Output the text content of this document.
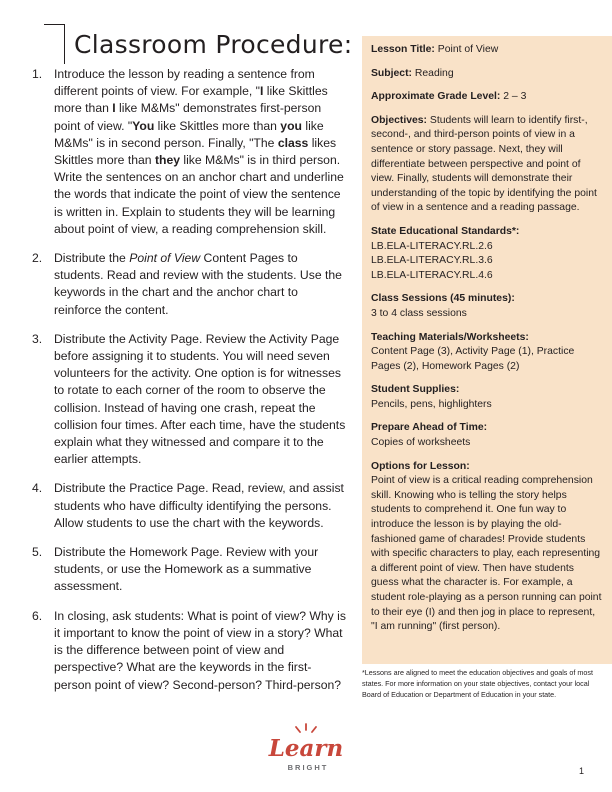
Classroom Procedure:
1. Introduce the lesson by reading a sentence from different points of view. For example, "I like Skittles more than I like M&Ms" demonstrates first-person point of view. "You like Skittles more than you like M&Ms" is in second person. Finally, "The class likes Skittles more than they like M&Ms" is in third person. Write the sentences on an anchor chart and underline the words that indicate the point of view the sentence is written in. Explain to students they will be learning about point of view, a reading comprehension skill.
2. Distribute the Point of View Content Pages to students. Read and review with the students. Use the keywords in the chart and the anchor chart to reinforce the content.
3. Distribute the Activity Page. Review the Activity Page before assigning it to students. You will need seven volunteers for the activity. One option is for witnesses to rotate to each corner of the room to observe the collision. Instead of having one crash, repeat the collision four times. After each time, have the students explain what they witnessed and compare it to the earlier attempts.
4. Distribute the Practice Page. Read, review, and assist students who have difficulty identifying the persons. Allow students to use the chart with the keywords.
5. Distribute the Homework Page. Review with your students, or use the Homework as a summative assessment.
6. In closing, ask students: What is point of view? Why is it important to know the point of view in a story? What is the difference between point of view and perspective? What are the keywords in the first-person point of view? Second-person? Third-person?
Lesson Title: Point of View
Subject: Reading
Approximate Grade Level: 2 – 3
Objectives: Students will learn to identify first-, second-, and third-person points of view in a sentence or story passage. Next, they will differentiate between perspective and point of view. Finally, students will demonstrate their understanding of the topic by identifying the point of view in a sentence and a reading passage.
State Educational Standards*:
LB.ELA-LITERACY.RL.2.6
LB.ELA-LITERACY.RL.3.6
LB.ELA-LITERACY.RL.4.6
Class Sessions (45 minutes):
3 to 4 class sessions
Teaching Materials/Worksheets:
Content Page (3), Activity Page (1), Practice Pages (2), Homework Pages (2)
Student Supplies:
Pencils, pens, highlighters
Prepare Ahead of Time:
Copies of worksheets
Options for Lesson:
Point of view is a critical reading comprehension skill. Knowing who is telling the story helps students to comprehend it. One fun way to introduce the lesson is by playing the old-fashioned game of charades! Provide students with specific characters to play, each representing a different point of view. Then have students guess what the character is. For example, a student role-playing as a person running can point to their eye (I) and then jog in place to represent, "I am running" (first person).
*Lessons are aligned to meet the education objectives and goals of most states. For more information on your state objectives, contact your local Board of Education or Department of Education in your state.
Learn
BRIGHT	1
